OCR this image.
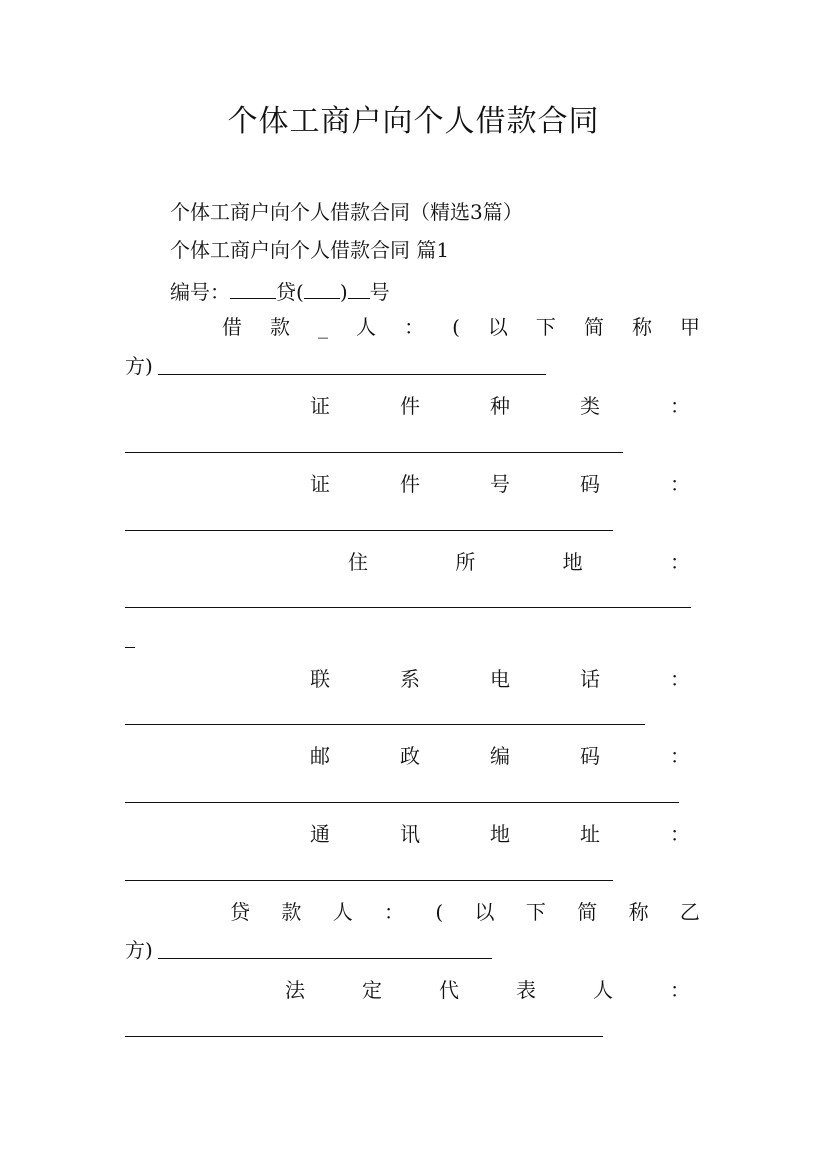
个体工商户向个人借款合同
个体工商户向个人借款合同（精选3篇）
个体工商户向个人借款合同 篇1
编号： 贷( ) 号
借 款 _ 人 ： ( 以 下 简 称 甲
方)
证	件	种	类	：
证	件	号	码	：
住	所	地	：
联	系	电	话	：
邮	政	编	码	：
通	讯	地	址	：
贷 款 人 ： ( 以 下 简 称 乙
方)
法	定	代	表	人	：
